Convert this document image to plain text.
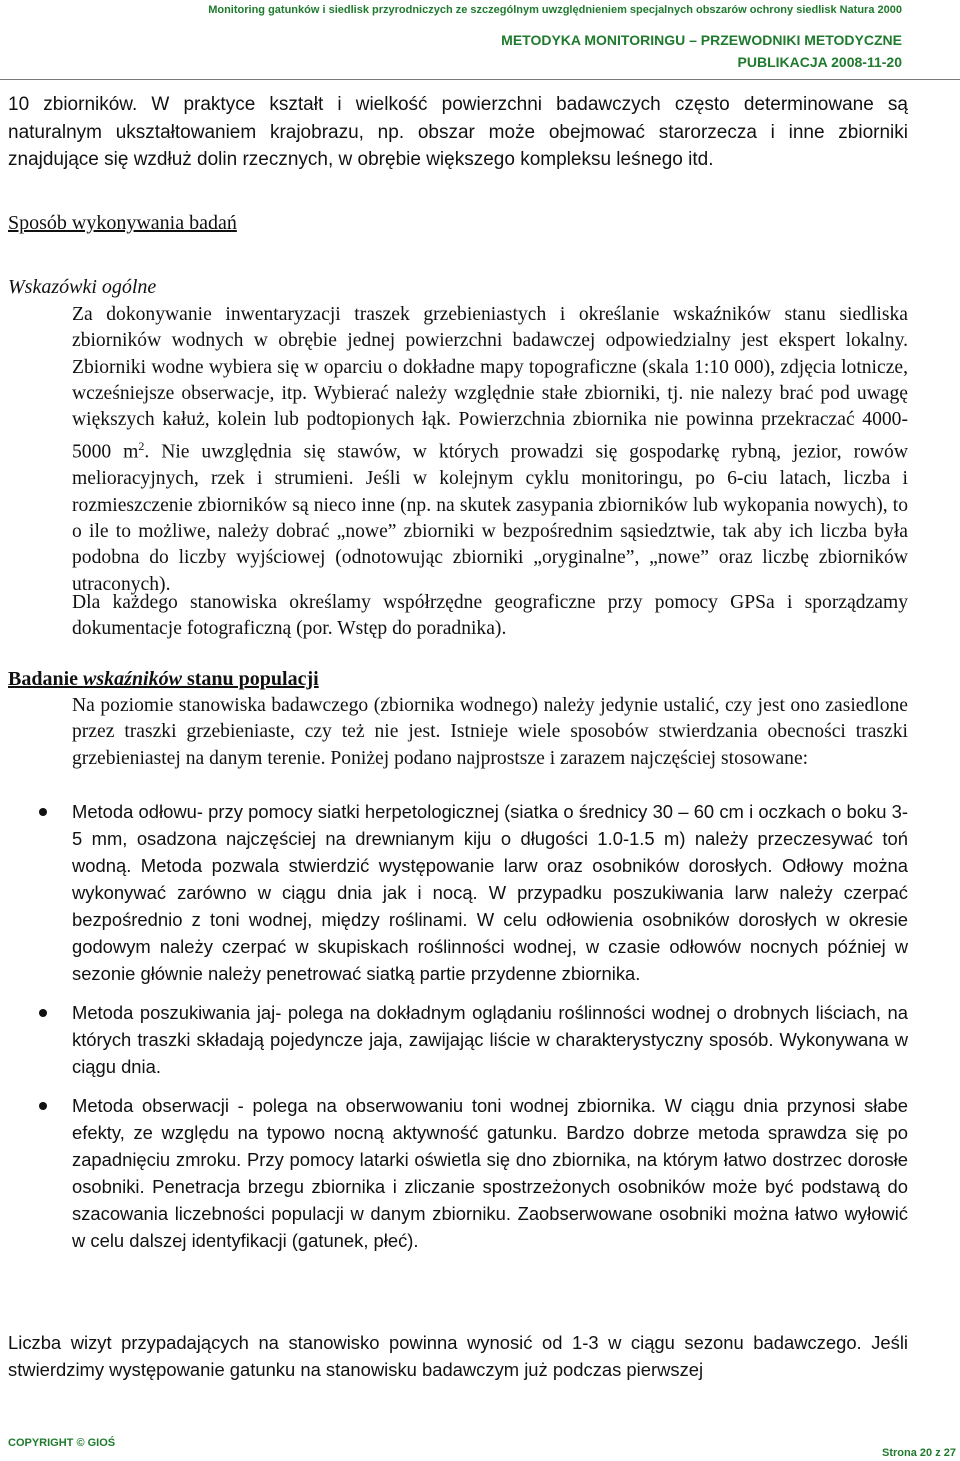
Monitoring gatunków i siedlisk przyrodniczych ze szczególnym uwzględnieniem specjalnych obszarów ochrony siedlisk Natura 2000
METODYKA MONITORINGU – PRZEWODNIKI METODYCZNE
PUBLIKACJA 2008-11-20
10 zbiorników. W praktyce kształt i wielkość powierzchni badawczych często determinowane są naturalnym ukształtowaniem krajobrazu, np. obszar może obejmować starorzecza i inne zbiorniki znajdujące się wzdłuż dolin rzecznych, w obrębie większego kompleksu leśnego itd.
Sposób wykonywania badań
Wskazówki ogólne
Za dokonywanie inwentaryzacji traszek grzebieniastych i określanie wskaźników stanu siedliska zbiorników wodnych w obrębie jednej powierzchni badawczej odpowiedzialny jest ekspert lokalny. Zbiorniki wodne wybiera się w oparciu o dokładne mapy topograficzne (skala 1:10 000), zdjęcia lotnicze, wcześniejsze obserwacje, itp. Wybierać należy względnie stałe zbiorniki, tj. nie nalezy brać pod uwagę większych kałuż, kolein lub podtopionych łąk. Powierzchnia zbiornika nie powinna przekraczać 4000-5000 $m^2$. Nie uwzględnia się stawów, w których prowadzi się gospodarkę rybną, jezior, rowów melioracyjnych, rzek i strumieni. Jeśli w kolejnym cyklu monitoringu, po 6-ciu latach, liczba i rozmieszczenie zbiorników są nieco inne (np. na skutek zasypania zbiorników lub wykopania nowych), to o ile to możliwe, należy dobrać „nowe” zbiorniki w bezpośrednim sąsiedztwie, tak aby ich liczba była podobna do liczby wyjściowej (odnotowując zbiorniki „oryginalne”, „nowe” oraz liczbę zbiorników utraconych).
Dla każdego stanowiska określamy współrzędne geograficzne przy pomocy GPSa i sporządzamy dokumentacje fotograficzną (por. Wstęp do poradnika).
Badanie wskaźników stanu populacji
Na poziomie stanowiska badawczego (zbiornika wodnego) należy jedynie ustalić, czy jest ono zasiedlone przez traszki grzebieniaste, czy też nie jest. Istnieje wiele sposobów stwierdzania obecności traszki grzebieniastej na danym terenie. Poniżej podano najprostsze i zarazem najczęściej stosowane:
Metoda odłowu- przy pomocy siatki herpetologicznej (siatka o średnicy 30 – 60 cm i oczkach o boku 3-5 mm, osadzona najczęściej na drewnianym kiju o długości 1.0-1.5 m) należy przeczesywać toń wodną. Metoda pozwala stwierdzić występowanie larw oraz osobników dorosłych. Odłowy można wykonywać zarówno w ciągu dnia jak i nocą. W przypadku poszukiwania larw należy czerpać bezpośrednio z toni wodnej, między roślinami. W celu odłowienia osobników dorosłych w okresie godowym należy czerpać w skupiskach roślinności wodnej, w czasie odłowów nocnych później w sezonie głównie należy penetrować siatką partie przydenne zbiornika.
Metoda poszukiwania jaj- polega na dokładnym oglądaniu roślinności wodnej o drobnych liściach, na których traszki składają pojedyncze jaja, zawijając liście w charakterystyczny sposób. Wykonywana w ciągu dnia.
Metoda obserwacji - polega na obserwowaniu toni wodnej zbiornika. W ciągu dnia przynosi słabe efekty, ze względu na typowo nocną aktywność gatunku. Bardzo dobrze metoda sprawdza się po zapadnięciu zmroku. Przy pomocy latarki oświetla się dno zbiornika, na którym łatwo dostrzec dorosłe osobniki. Penetracja brzegu zbiornika i zliczanie spostrzeżonych osobników może być podstawą do szacowania liczebności populacji w danym zbiorniku. Zaobserwowane osobniki można łatwo wyłowić w celu dalszej identyfikacji (gatunek, płeć).
Liczba wizyt przypadających na stanowisko powinna wynosić od 1-3 w ciągu sezonu badawczego. Jeśli stwierdzimy występowanie gatunku na stanowisku badawczym już podczas pierwszej
COPYRIGHT © GIOŚ
Strona 20 z 27
